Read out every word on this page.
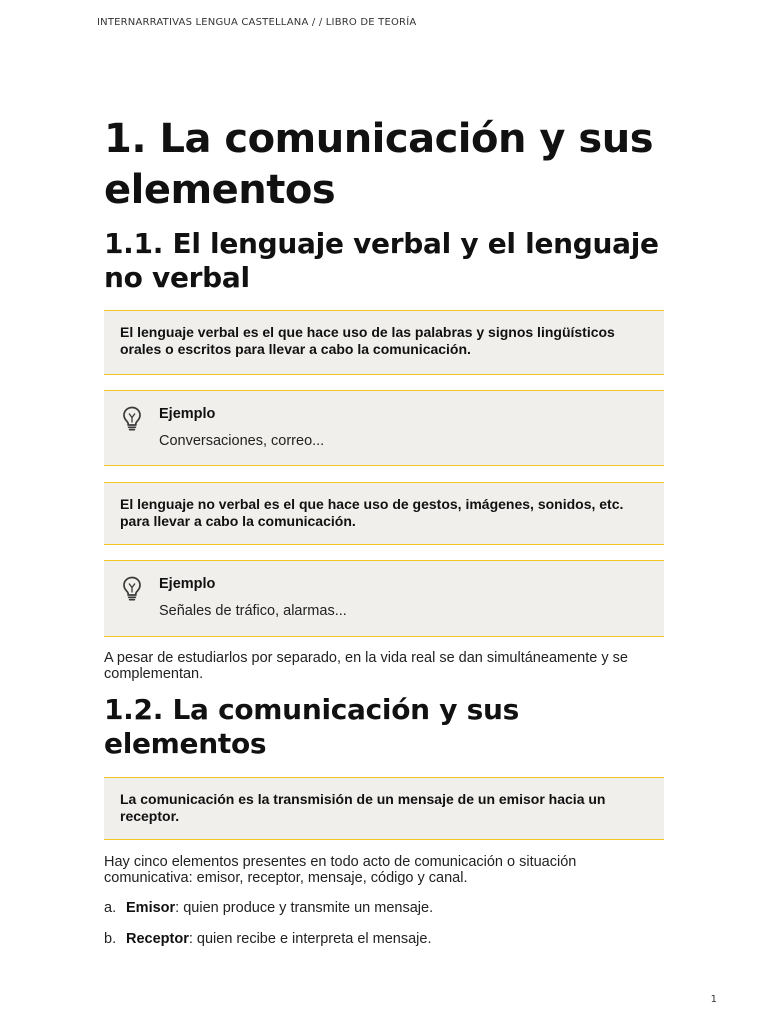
INTERNARRATIVAS LENGUA CASTELLANA / / LIBRO DE TEORÍA
1. La comunicación y sus elementos
1.1. El lenguaje verbal y el lenguaje no verbal
El lenguaje verbal es el que hace uso de las palabras y signos lingüísticos orales o escritos para llevar a cabo la comunicación.
Ejemplo
Conversaciones, correo...
El lenguaje no verbal es el que hace uso de gestos, imágenes, sonidos, etc. para llevar a cabo la comunicación.
Ejemplo
Señales de tráfico, alarmas...
A pesar de estudiarlos por separado, en la vida real se dan simultáneamente y se complementan.
1.2. La comunicación y sus elementos
La comunicación es la transmisión de un mensaje de un emisor hacia un receptor.
Hay cinco elementos presentes en todo acto de comunicación o situación comunicativa: emisor, receptor, mensaje, código y canal.
a. Emisor: quien produce y transmite un mensaje.
b. Receptor: quien recibe e interpreta el mensaje.
1
